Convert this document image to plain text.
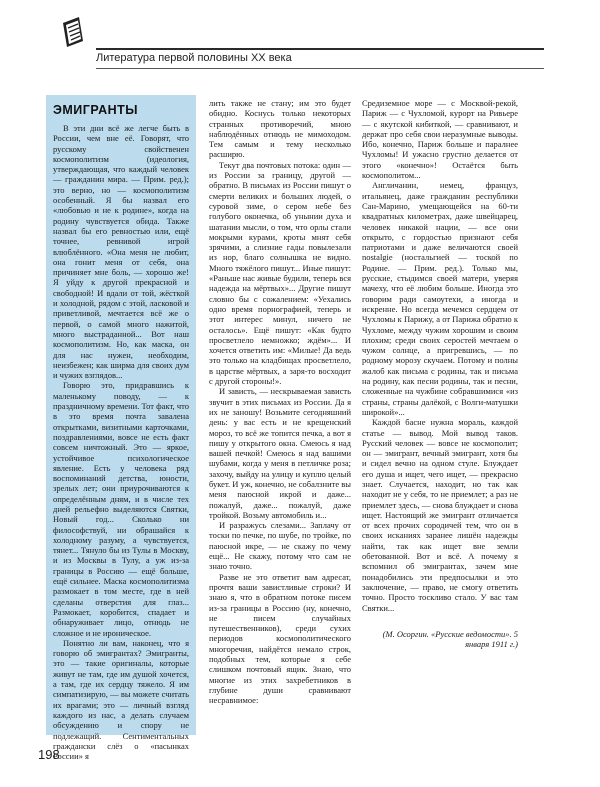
Литература первой половины XX века
ЭМИГРАНТЫ

В эти дни всё же легче быть в России, чем вне её. Говорят, что русскому свойственен космополитизм (идеология, утверждающая, что каждый человек — гражданин мира. — Прим. ред.); это верно, но — космополитизм особенный. Я бы назвал его «любовью и не к родине», когда на родину чувствуется обида. Также назвал бы его ревностью или, ещё точнее, ревнивой игрой влюблённого. «Она меня не любит, она гонит меня от себя, она причиняет мне боль, — хорошо же! Я уйду к другой прекрасной и свободной! И вдали от той, жёсткой и холодной, рядом с этой, ласковой и приветливой, мечтается всё же о первой, о самой много нажитой, много выстраданной... Вот наш космополитизм. Но, как маска, он для нас нужен, необходим, неизбежен; как ширма для своих дум и чужих взглядов...

Говорю это, придравшись к маленькому поводу, — к праздничному времени. Тот факт, что в это время почта завалена открытками, визитными карточками, поздравлениями, вовсе не есть факт совсем ничтожный. Это — яркое, устойчивое психологическое явление. Есть у человека ряд воспоминаний детства, юности, зрелых лет; они приурочиваются к определённым дням, и в числе тех дней рельефно выделяются Святки, Новый год... Сколько ни философствуй, ни обрашайся к холодному разуму, а чувствуется, тянет... Тянуло бы из Тулы в Москву, и из Москвы в Тулу, а уж из-за границы в Россию — ещё больше, ещё сильнее. Маска космополитизма размокает в том месте, где в ней сделаны отверстия для глаз... Размокает, коробится, спадает и обнаруживает лицо, отнюдь не сложное и не ироническое.

Понятно ли вам, наконец, что я говорю об эмигрантах? Эмигранты, это — такие оригиналы, которые живут не там, где им душой хочется, а там, где их сердцу тяжело. Я им симпатизирую, — вы можете считать их врагами; это — личный взгляд каждого из нас, а делать случаем обсуждению и спору не подлежащий. Сентиментальных граждански слёз о «пасынках России» я

лить также не стану; им это будет обидно. Коснусь только некоторых странных противоречий, мною наблюдённых отнюдь не мимоходом. Тем самым и тему несколько расширю.

Текут два почтовых потока: один — из России за границу, другой — обратно. В письмах из России пишут о смерти великих и больших людей, о суровой зиме, о сером небе без голубого оконечка, об унынии духа и шатании мысли, о том, что орлы стали мокрыми курами, кроты мнят себя зрячими, а слизние гады повылезали из нор, благо солнышка не видно. Много тяжёлого пишут... Иные пишут: «Раньше нас живые будили, теперь вся надежда на мёртвых»... Другие пишут словно бы с сожалением: «Уехались одно время порнографией, теперь и этот интерес минул, ничего не осталось». Ещё пишут: «Как будто просветлело немножко; ждём»... И хочется ответить им: «Милые! Да ведь это только на кладбищах просветлело, в царстве мёртвых, а заря-то восходит с другой стороны!».

И зависть, — нескрываемая зависть звучит в этих письмах из России. Да я их не заношу! Возьмите сегодняшний день: у вас есть и не крещенский мороз, то всё же топится печка, а вот я пишу у открытого окна. Смеюсь я над вашей печкой! Смеюсь я над вашими шубами, когда у меня в петличке роза; захочу, выйду на улицу и куплю целый букет. И уж, конечно, не собалзните вы меня паюсной икрой и даже... пожалуй, даже... пожалуй, даже тройкой. Возьму автомобиль и...

И разражусь слезами... Заплачу от тоски по печке, по шубе, по тройке, по паюсной икре, — не скажу по чему ещё... Не скажу, потому что сам не знаю точно.

Разве не это ответит вам адресат, прочтя ваши завистливые строки? И знаю я, что в обратном потоке писем из-за границы в Россию (ну, конечно, не писем случайных путешественников), среди сухих периодов космополитического многоречия, найдётся немало строк, подобных тем, которые я себе слишком почтовый ящик. Знаю, что многие из этих захребетников в глубине души сравнивают несравнимое:

Средиземное море — с Москвой-рекой, Париж — с Чухломой, курорт на Ривьере — с якутской кибиткой, — сравнивают, и держат про себя свои неразумные выводы. Ибо, конечно, Париж больше и паралнее Чухломы! И ужасно грустно делается от этого «конечно»! Остаётся быть космополитом...

Англичанин, немец, француз, итальянец, даже гражданин республики Сан-Марино, умещающейся на 60-ти квадратных километрах, даже швейцарец, человек никакой нации, — все они открыто, с гордостью признают себя патриотами и даже величаются своей nostalgie (ностальгией — тоской по Родине. — Прим. ред.). Только мы, русские, стыдимся своей матери, уверяя мачеху, что её любим больше. Иногда это говорим ради самоутехи, а иногда и искренне. Но всегда мечемся сердцем от Чухломы к Парижу, а от Парижа обратно к Чухломе, между чужим хорошим и своим плохим; среди своих серостей мечтаем о чужом солнце, а пригревшись, — по родному морозу скучаем. Потому и полны жалоб как письма с родины, так и письма на родину, как песни родины, так и песни, сложенные на чужбине собравшимися «из страны, страны далёкой, с Волги-матушки широкой»...

Каждой басне нужна мораль, каждой статье — вывод. Мой вывод таков. Русский человек — вовсе не космополит; он — эмигрант, вечный эмигрант, хотя бы и сидел вечно на одном стуле. Блуждает его душа и ищет, чего ищет, — прекрасно знает. Случается, находит, но так как находит не у себя, то не приемлет; а раз не приемлет здесь, — снова блуждает и снова ищет. Настоящий же эмигрант отличается от всех прочих сородичей тем, что он в своих исканиях заранее лишён надежды найти, так как ищет вне земли обетованной. Вот и всё. А почему я вспомнил об эмигрантах, зачем мне понадобились эти предпосылки и это заключение, — право, не смогу ответить точно. Просто тоскливо стало. У вас там Святки...

(М. Осоргин. «Русские ведомости». 5 января 1911 г.)
198
